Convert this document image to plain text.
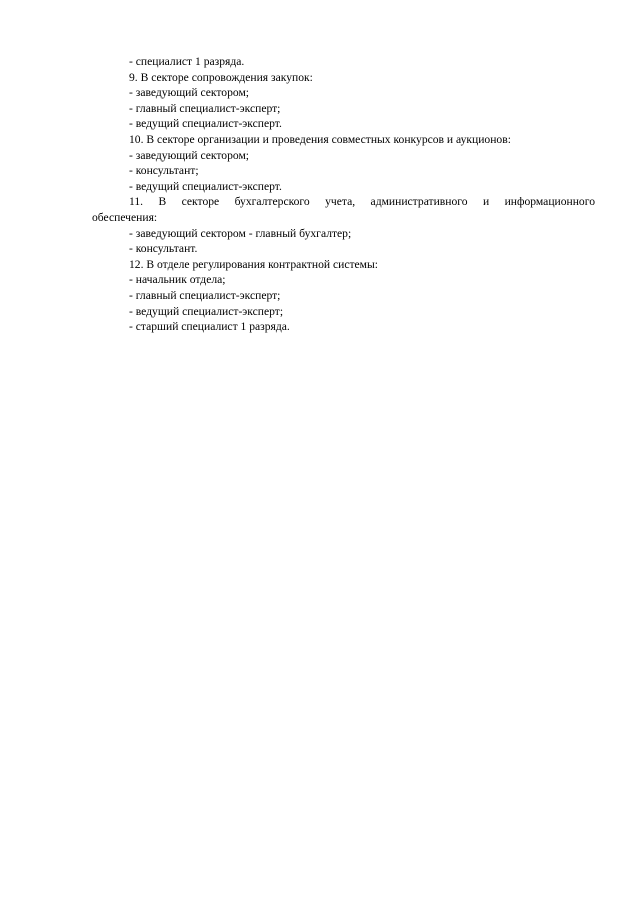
- специалист 1 разряда.
9. В секторе сопровождения закупок:
- заведующий сектором;
- главный специалист-эксперт;
- ведущий специалист-эксперт.
10. В секторе организации и проведения совместных конкурсов и аукционов:
- заведующий сектором;
- консультант;
- ведущий специалист-эксперт.
11. В секторе бухгалтерского учета, административного и информационного
обеспечения:
- заведующий сектором - главный бухгалтер;
- консультант.
12. В отделе регулирования контрактной системы:
- начальник отдела;
- главный специалист-эксперт;
- ведущий специалист-эксперт;
- старший специалист 1 разряда.
